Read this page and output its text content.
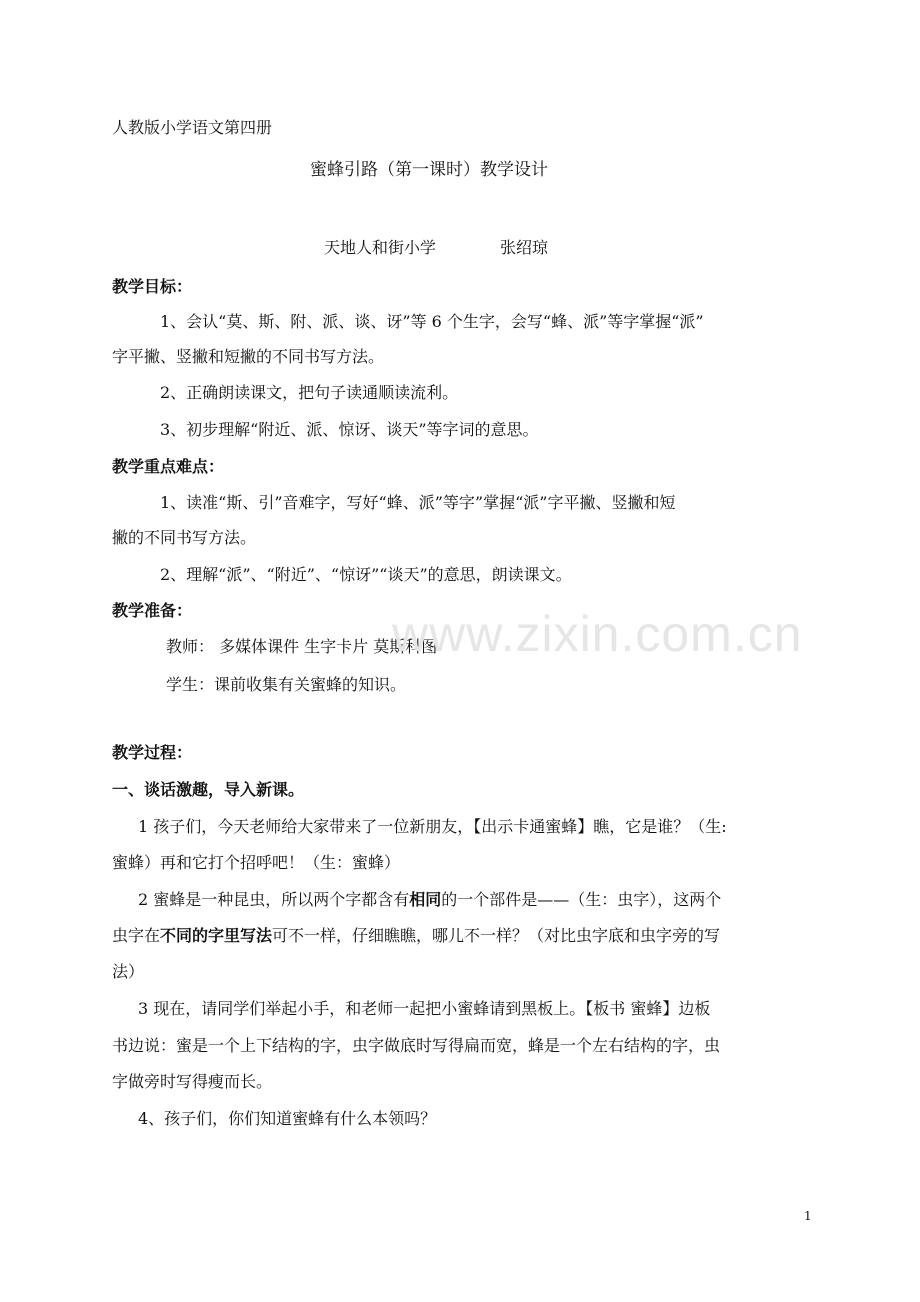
人教版小学语文第四册
蜜蜂引路（第一课时）教学设计
天地人和街小学	张绍琼
教学目标：
1、会认“莫、斯、附、派、谈、讶”等 6 个生字，会写“蜂、派”等字掌握“派”
字平撇、竖撇和短撇的不同书写方法。
2、正确朗读课文，把句子读通顺读流利。
3、初步理解“附近、派、惊讶、谈天”等字词的意思。
教学重点难点：
1、读准“斯、引”音难字，写好“蜂、派”等字”掌握“派”字平撇、竖撇和短
撇的不同书写方法。
2、理解“派”、“附近”、“惊讶”“谈天”的意思，朗读课文。
教学准备：
教师： 多媒体课件 生字卡片 莫斯科图
学生：课前收集有关蜜蜂的知识。
教学过程：
一、谈话激趣，导入新课。
1 孩子们，今天老师给大家带来了一位新朋友，【出示卡通蜜蜂】瞧，它是谁？（生:
蜜蜂）再和它打个招呼吧！（生：蜜蜂）
2 蜜蜂是一种昆虫，所以两个字都含有相同的一个部件是——（生：虫字），这两个
虫字在不同的字里写法可不一样，仔细瞧瞧，哪儿不一样？（对比虫字底和虫字旁的写
法）
3 现在，请同学们举起小手，和老师一起把小蜜蜂请到黑板上。【板书 蜜蜂】边板
书边说：蜜是一个上下结构的字，虫字做底时写得扁而宽，蜂是一个左右结构的字，虫
字做旁时写得瘦而长。
4、孩子们，你们知道蜜蜂有什么本领吗？
www.zixin.com.cn
1
